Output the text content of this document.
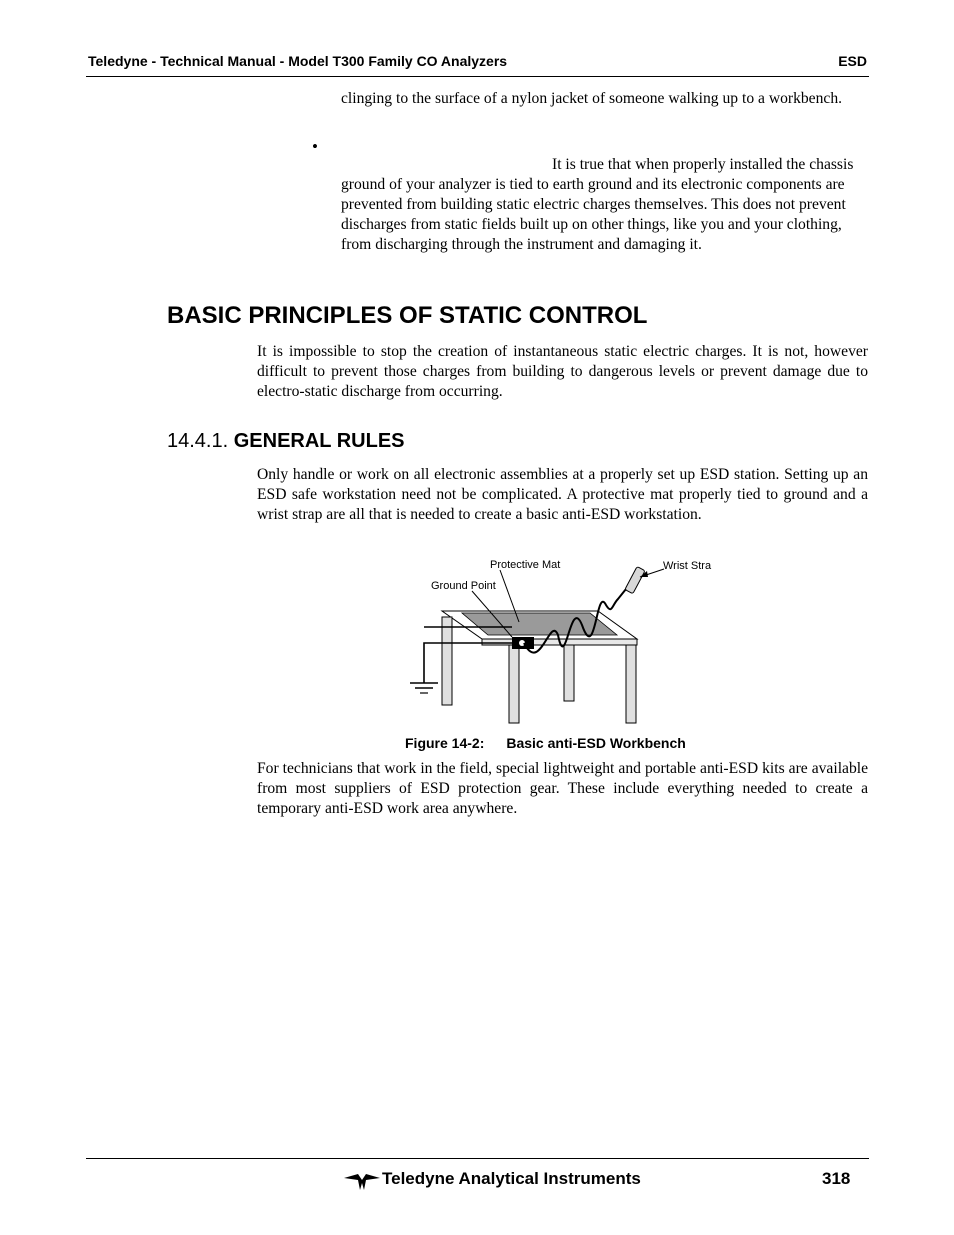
Teledyne - Technical Manual - Model T300 Family CO Analyzers	ESD
clinging to the surface of a nylon jacket of someone walking up to a workbench.
•
It is true that when properly installed the chassis ground of your analyzer is tied to earth ground and its electronic components are prevented from building static electric charges themselves. This does not prevent discharges from static fields built up on other things, like you and your clothing, from discharging through the instrument and damaging it.
BASIC PRINCIPLES OF STATIC CONTROL
It is impossible to stop the creation of instantaneous static electric charges. It is not, however difficult to prevent those charges from building to dangerous levels or prevent damage due to electro-static discharge from occurring.
14.4.1. GENERAL RULES
Only handle or work on all electronic assemblies at a properly set up ESD station. Setting up an ESD safe workstation need not be complicated. A protective mat properly tied to ground and a wrist strap are all that is needed to create a basic anti-ESD workstation.
Protective Mat
Ground Point
Wrist Stra
Figure 14-2: Basic anti-ESD Workbench
For technicians that work in the field, special lightweight and portable anti-ESD kits are available from most suppliers of ESD protection gear. These include everything needed to create a temporary anti-ESD work area anywhere.
Teledyne Analytical Instruments	318
